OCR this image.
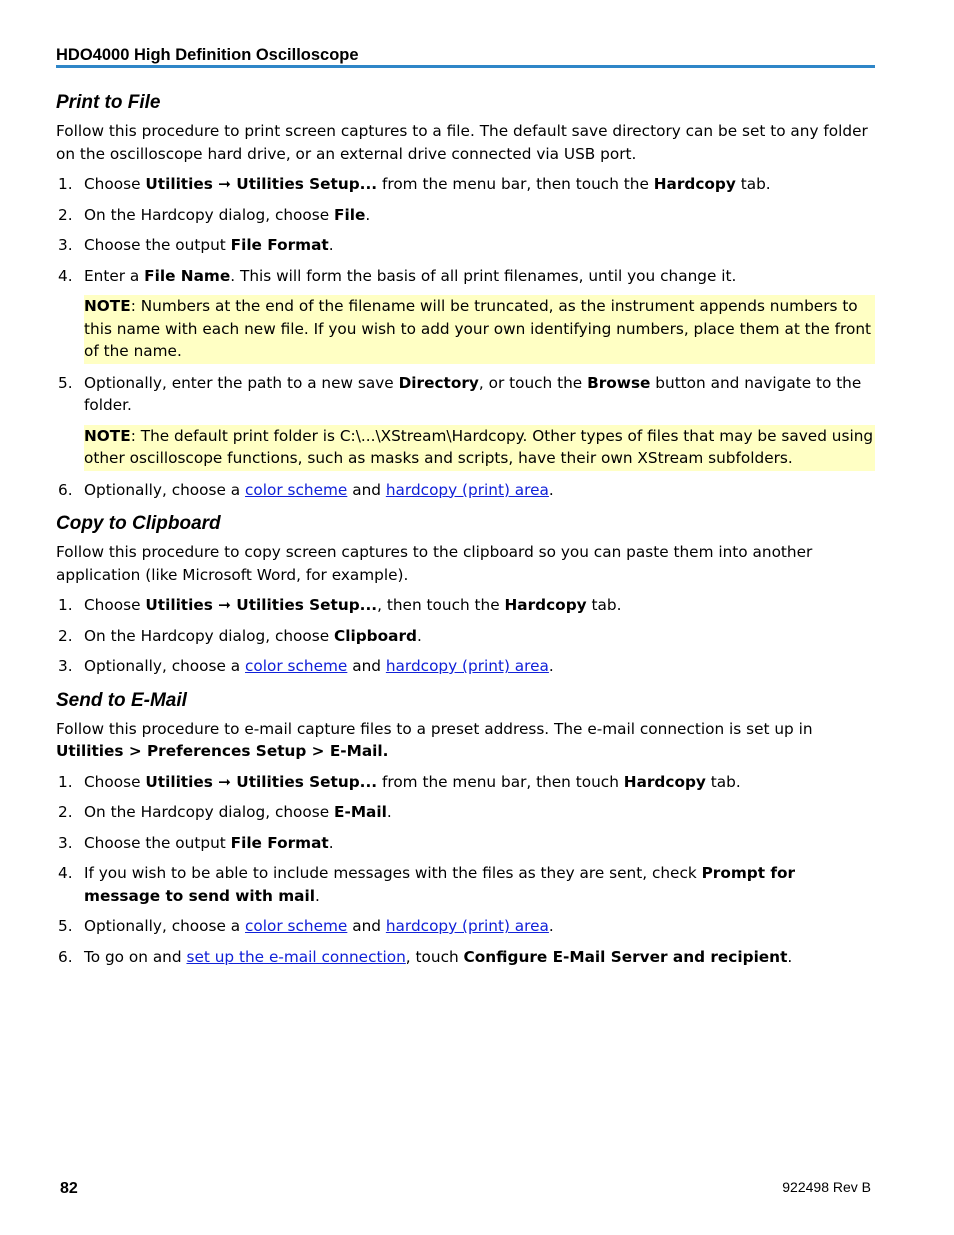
HDO4000 High Definition Oscilloscope
Print to File

Follow this procedure to print screen captures to a file. The default save directory can be set to any folder on the oscilloscope hard drive, or an external drive connected via USB port.

1. Choose Utilities ➞ Utilities Setup... from the menu bar, then touch the Hardcopy tab.
2. On the Hardcopy dialog, choose File.
3. Choose the output File Format.
4. Enter a File Name. This will form the basis of all print filenames, until you change it.
NOTE: Numbers at the end of the filename will be truncated, as the instrument appends numbers to this name with each new file. If you wish to add your own identifying numbers, place them at the front of the name.
5. Optionally, enter the path to a new save Directory, or touch the Browse button and navigate to the folder.
NOTE: The default print folder is C:\...\XStream\Hardcopy. Other types of files that may be saved using other oscilloscope functions, such as masks and scripts, have their own XStream subfolders.
6. Optionally, choose a color scheme and hardcopy (print) area.
Copy to Clipboard

Follow this procedure to copy screen captures to the clipboard so you can paste them into another application (like Microsoft Word, for example).

1. Choose Utilities ➞ Utilities Setup..., then touch the Hardcopy tab.
2. On the Hardcopy dialog, choose Clipboard.
3. Optionally, choose a color scheme and hardcopy (print) area.
Send to E-Mail

Follow this procedure to e-mail capture files to a preset address. The e-mail connection is set up in Utilities > Preferences Setup > E-Mail.

1. Choose Utilities ➞ Utilities Setup... from the menu bar, then touch Hardcopy tab.
2. On the Hardcopy dialog, choose E-Mail.
3. Choose the output File Format.
4. If you wish to be able to include messages with the files as they are sent, check Prompt for message to send with mail.
5. Optionally, choose a color scheme and hardcopy (print) area.
6. To go on and set up the e-mail connection, touch Configure E-Mail Server and recipient.
82	922498 Rev B
